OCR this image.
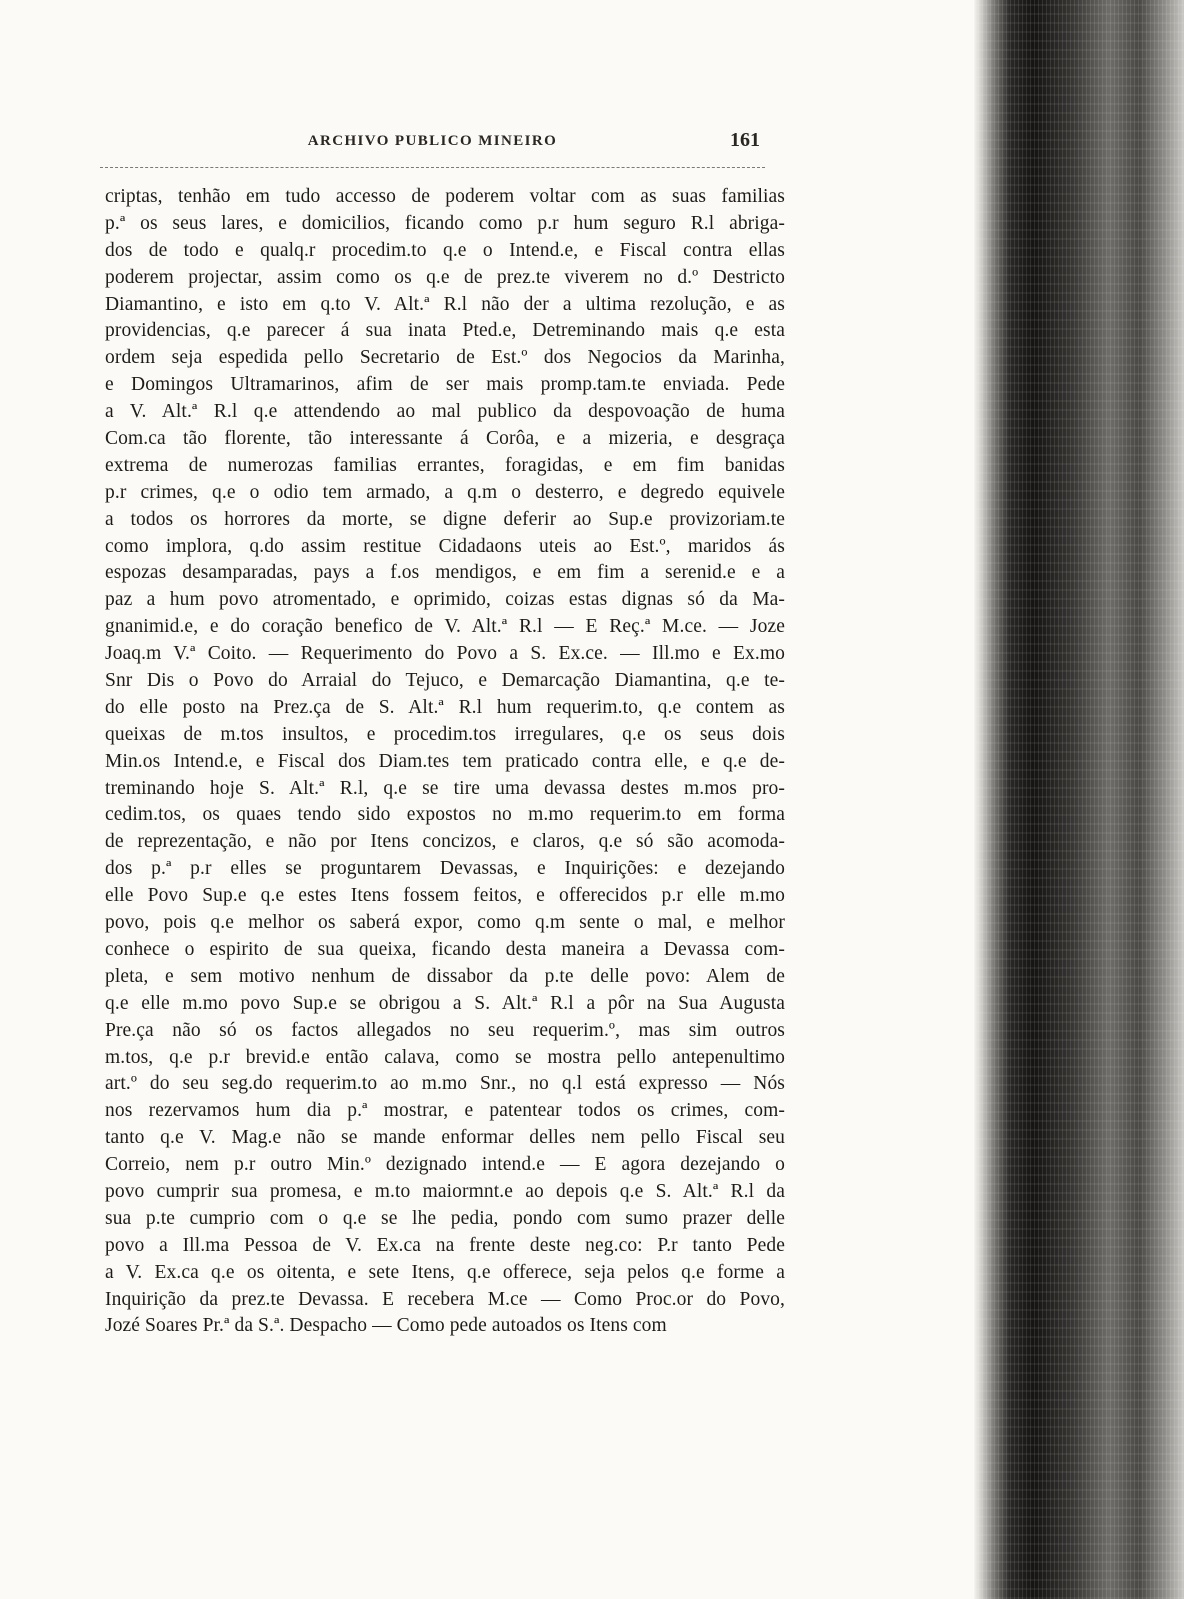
ARCHIVO PUBLICO MINEIRO	161
criptas, tenhão em tudo accesso de poderem voltar com as suas familias
p.ª os seus lares, e domicilios, ficando como p.r hum seguro R.l abriga-
dos de todo e qualq.r procedim.to q.e o Intend.e, e Fiscal contra ellas
poderem projectar, assim como os q.e de prez.te viverem no d.º Destricto
Diamantino, e isto em q.to V. Alt.ª R.l não der a ultima rezolução, e as
providencias, q.e parecer á sua inata Pted.e, Detreminando mais q.e esta
ordem seja espedida pello Secretario de Est.º dos Negocios da Marinha,
e Domingos Ultramarinos, afim de ser mais promp.tam.te enviada. Pede
a V. Alt.ª R.l q.e attendendo ao mal publico da despovoação de huma
Com.ca tão florente, tão interessante á Corôa, e a mizeria, e desgraça
extrema de numerozas familias errantes, foragidas, e em fim banidas
p.r crimes, q.e o odio tem armado, a q.m o desterro, e degredo equivele
a todos os horrores da morte, se digne deferir ao Sup.e provizoriam.te
como implora, q.do assim restitue Cidadaons uteis ao Est.º, maridos ás
espozas desamparadas, pays a f.os mendigos, e em fim a serenid.e e a
paz a hum povo atromentado, e oprimido, coizas estas dignas só da Ma-
gnanimid.e, e do coração benefico de V. Alt.ª R.l — E Reç.ª M.ce. — Joze
Joaq.m V.ª Coito. — Requerimento do Povo a S. Ex.ce. — Ill.mo e Ex.mo
Snr Dis o Povo do Arraial do Tejuco, e Demarcação Diamantina, q.e te-
do elle posto na Prez.ça de S. Alt.ª R.l hum requerim.to, q.e contem as
queixas de m.tos insultos, e procedim.tos irregulares, q.e os seus dois
Min.os Intend.e, e Fiscal dos Diam.tes tem praticado contra elle, e q.e de-
treminando hoje S. Alt.ª R.l, q.e se tire uma devassa destes m.mos pro-
cedim.tos, os quaes tendo sido expostos no m.mo requerim.to em forma
de reprezentação, e não por Itens concizos, e claros, q.e só são acomoda-
dos p.ª p.r elles se proguntarem Devassas, e Inquirições: e dezejando
elle Povo Sup.e q.e estes Itens fossem feitos, e offerecidos p.r elle m.mo
povo, pois q.e melhor os saberá expor, como q.m sente o mal, e melhor
conhece o espirito de sua queixa, ficando desta maneira a Devassa com-
pleta, e sem motivo nenhum de dissabor da p.te delle povo: Alem de
q.e elle m.mo povo Sup.e se obrigou a S. Alt.ª R.l a pôr na Sua Augusta
Pre.ça não só os factos allegados no seu requerim.º, mas sim outros
m.tos, q.e p.r brevid.e então calava, como se mostra pello antepenultimo
art.º do seu seg.do requerim.to ao m.mo Snr., no q.l está expresso — Nós
nos rezervamos hum dia p.ª mostrar, e patentear todos os crimes, com-
tanto q.e V. Mag.e não se mande enformar delles nem pello Fiscal seu
Correio, nem p.r outro Min.º dezignado intend.e — E agora dezejando o
povo cumprir sua promesa, e m.to maiormnt.e ao depois q.e S. Alt.ª R.l da
sua p.te cumprio com o q.e se lhe pedia, pondo com sumo prazer delle
povo a Ill.ma Pessoa de V. Ex.ca na frente deste neg.co: P.r tanto Pede
a V. Ex.ca q.e os oitenta, e sete Itens, q.e offerece, seja pelos q.e forme a
Inquirição da prez.te Devassa. E recebera M.ce — Como Proc.or do Povo,
Jozé Soares Pr.ª da S.ª. Despacho — Como pede autoados os Itens com
